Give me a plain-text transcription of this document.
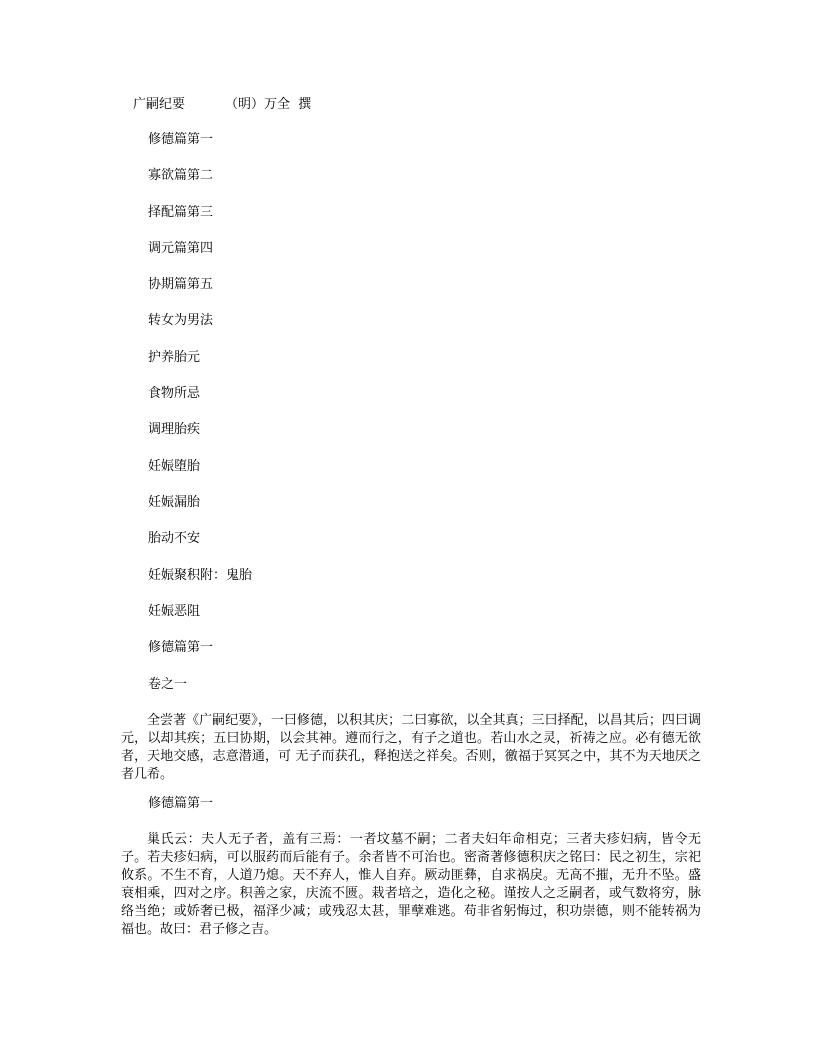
广嗣纪要	（明）万全  撰
修德篇第一
寡欲篇第二
择配篇第三
调元篇第四
协期篇第五
转女为男法
护养胎元
食物所忌
调理胎疾
妊娠堕胎
妊娠漏胎
胎动不安
妊娠聚积附：鬼胎
妊娠恶阻
修德篇第一

卷之一

全尝著《广嗣纪要》，一曰修德，以积其庆；二曰寡欲，以全其真；三曰择配，以昌其后；四曰调元，以却其疾；五曰协期，以会其神。遵而行之，有子之道也。若山水之灵，祈祷之应。必有德无欲者，天地交感，志意潜通，可 无子而获孔，释抱送之祥矣。否则，徼福于冥冥之中，其不为天地厌之者几希。

修德篇第一

巢氏云：夫人无子者，盖有三焉：一者坟墓不嗣；二者夫妇年命相克；三者夫疹妇病，皆令无子。若夫疹妇病，可以服药而后能有子。余者皆不可治也。密斋著修德积庆之铭曰：民之初生，宗祀攸系。不生不育，人道乃熄。天不弃人，惟人自弃。厥动匪彝，自求祸戾。无高不摧，无升不坠。盛衰相乘，四对之序。积善之家，庆流不匮。栽者培之，造化之秘。谨按人之乏嗣者，或气数将穷，脉络当绝；或娇奢已极，福泽少减；或残忍太甚，罪孽难逃。苟非省躬悔过，积功崇德，则不能转祸为福也。故曰：君子修之吉。
